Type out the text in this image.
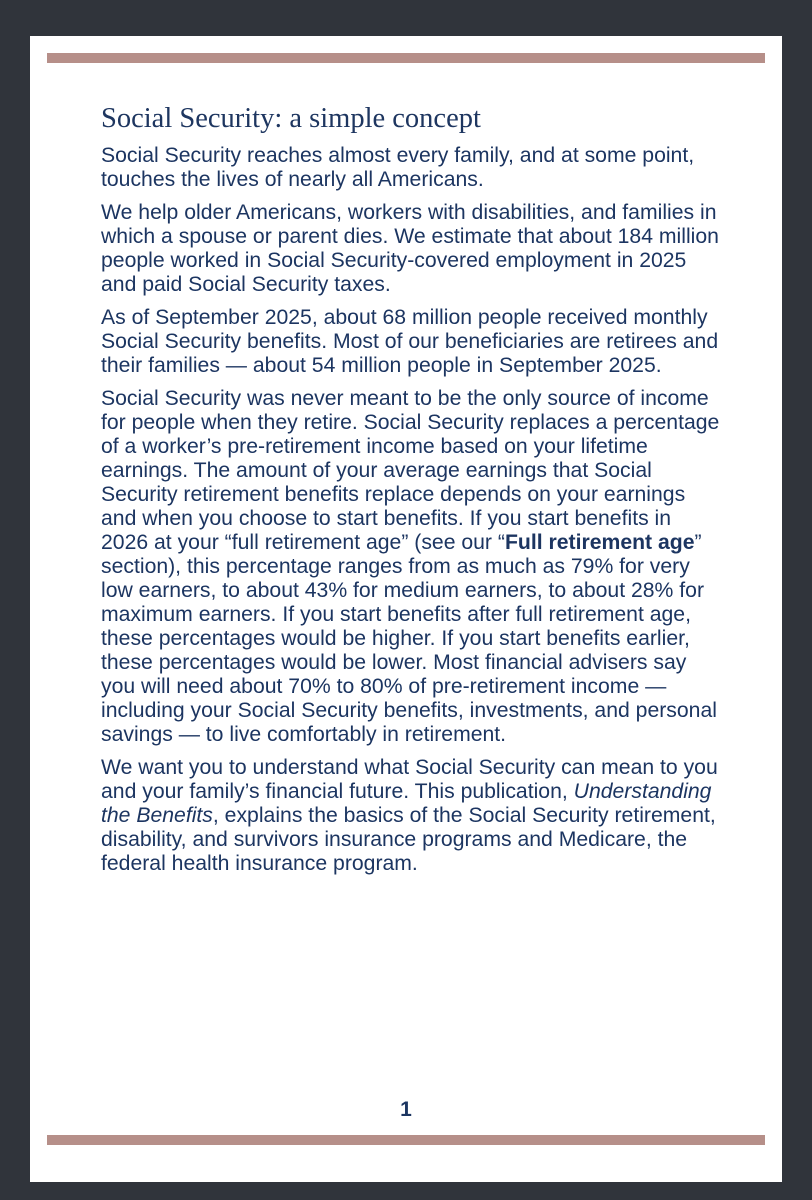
Social Security: a simple concept

Social Security reaches almost every family, and at some point, touches the lives of nearly all Americans.

We help older Americans, workers with disabilities, and families in which a spouse or parent dies. We estimate that about 184 million people worked in Social Security-covered employment in 2025 and paid Social Security taxes.

As of September 2025, about 68 million people received monthly Social Security benefits. Most of our beneficiaries are retirees and their families — about 54 million people in September 2025.

Social Security was never meant to be the only source of income for people when they retire. Social Security replaces a percentage of a worker’s pre-retirement income based on your lifetime earnings. The amount of your average earnings that Social Security retirement benefits replace depends on your earnings and when you choose to start benefits. If you start benefits in 2026 at your “full retirement age” (see our “Full retirement age” section), this percentage ranges from as much as 79% for very low earners, to about 43% for medium earners, to about 28% for maximum earners. If you start benefits after full retirement age, these percentages would be higher. If you start benefits earlier, these percentages would be lower. Most financial advisers say you will need about 70% to 80% of pre-retirement income — including your Social Security benefits, investments, and personal savings — to live comfortably in retirement.

We want you to understand what Social Security can mean to you and your family’s financial future. This publication, Understanding the Benefits, explains the basics of the Social Security retirement, disability, and survivors insurance programs and Medicare, the federal health insurance program.

1
